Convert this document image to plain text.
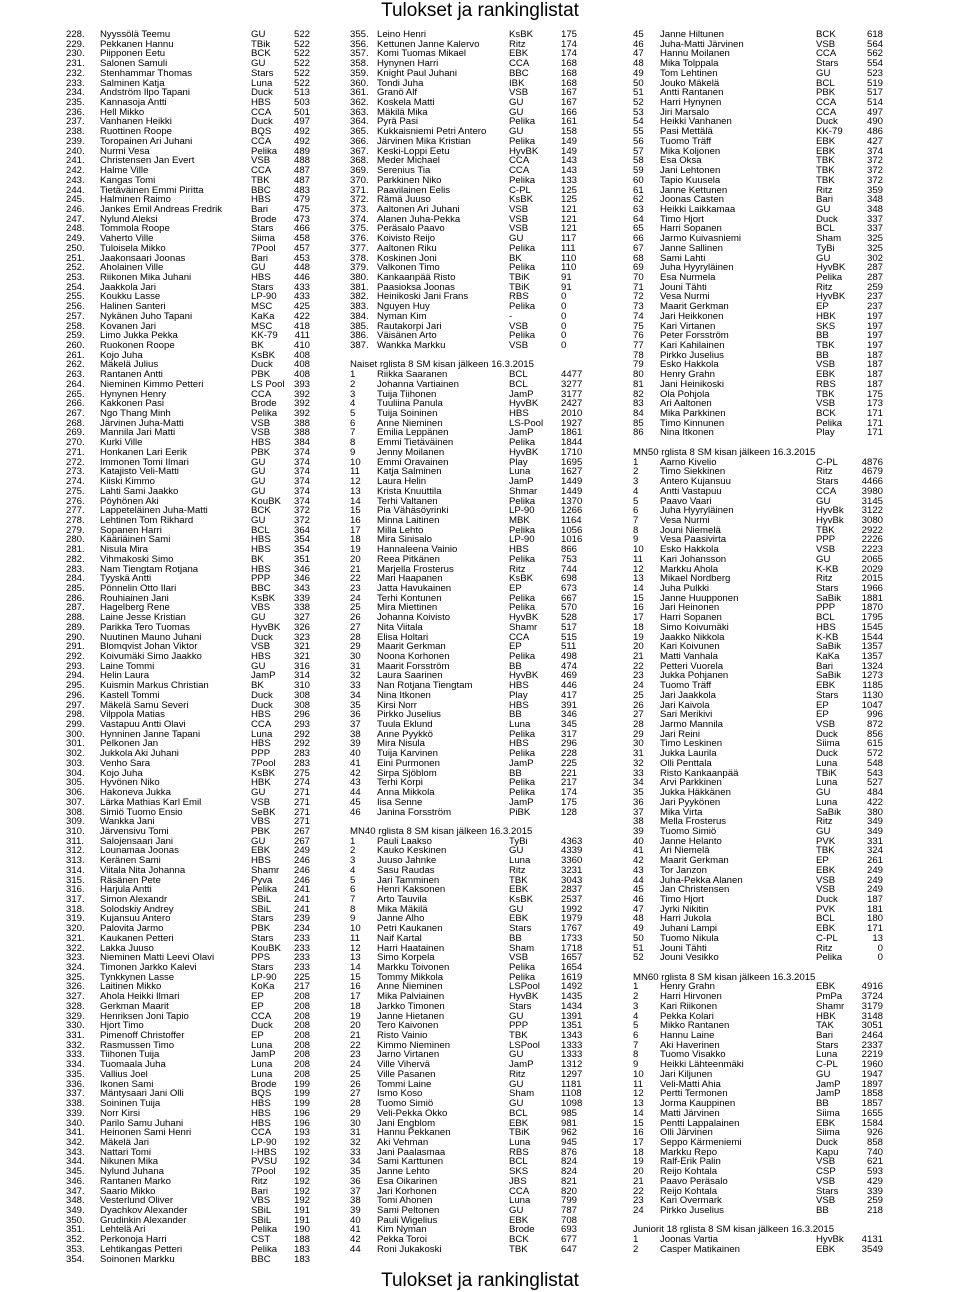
Tulokset ja rankinglistat
228.	Nyyssölä Teemu	GU	522
229.	Pekkanen Hannu	TBik	522
230.	Piipponen Eetu	BCK	522
231.	Salonen Samuli	GU	522
232.	Stenhammar Thomas	Stars	522
233.	Salminen Katja	Luna	522
234.	Andström Ilpo Tapani	Duck	513
235.	Kannasoja Antti	HBS	503
236.	Hell Mikko	CCA	501
237.	Vanhanen Heikki	Duck	497
238.	Ruottinen Roope	BQS	492
239.	Toropainen Ari Juhani	CCA	492
240.	Nurmi Vesa	Pelika	489
241.	Christensen Jan Evert	VSB	488
242.	Halme Ville	CCA	487
243.	Kangas Tomi	TBK	487
244.	Tietäväinen Emmi Piritta	BBC	483
245.	Halminen Raimo	HBS	479
246.	Jankes Emil Andreas Fredrik	Bari	475
247.	Nylund Aleksi	Brode	473
248.	Tommola Roope	Stars	466
249.	Vaherto Ville	Siima	458
250.	Tuloisela Mikko	7Pool	457
251.	Jaakonsaari Joonas	Bari	453
252.	Aholainen Ville	GU	448
253.	Riikonen Mika Juhani	HBS	446
254.	Jaakkola Jari	Stars	433
255.	Koukku Lasse	LP-90	433
256.	Halinen Santeri	MSC	425
257.	Nykänen Juho Tapani	KaKa	422
258.	Kovanen Jari	MSC	418
259.	Limo Jukka Pekka	KK-79	411
260.	Ruokonen Roope	BK	410
261.	Kojo Juha	KsBK	408
262.	Mäkelä Julius	Duck	408
263.	Rantanen Antti	PBK	408
264.	Nieminen Kimmo Petteri	LS Pool 393
265.	Hynynen Henry	CCA	392
266.	Kakkonen Pasi	Brode	392
267.	Ngo Thang Minh	Pelika	392
268.	Järvinen Juha-Matti	VSB	388
269.	Mannila Jari Matti	VSB	388
270.	Kurki Ville	HBS	384
271.	Honkanen Lari Eerik	PBK	374
272.	Immonen Tomi Ilmari	GU	374
273.	Katajisto Veli-Matti	GU	374
274.	Kiiski Kimmo	GU	374
275.	Lahti Sami Jaakko	GU	374
276.	Pöyhönen Aki	KouBK	374
277.	Lappeteläinen Juha-Matti	BCK	372
278.	Lehtinen Tom Rikhard	GU	372
279.	Sopanen Harri	BCL	364
280.	Kääriäinen Sami	HBS	354
281.	Nisula Mira	HBS	354
282.	Vihmakoski Simo	BK	351
283.	Nam Tiengtam Rotjana	HBS	346
284.	Tyyskä Antti	PPP	346
285.	Pönnelin Otto Ilari	BBC	343
286.	Rouhiainen Jani	KsBK	339
287.	Hagelberg Rene	VBS	338
288.	Laine Jesse Kristian	GU	327
289.	Parikka Tero Tuomas	HyvBK	326
290.	Nuutinen Mauno Juhani	Duck	323
291.	Blomqvist Johan Viktor	VSB	321
292.	Koivumäki Simo Jaakko	HBS	321
293.	Laine Tommi	GU	316
294.	Helin Laura	JamP	314
295.	Kuismin Markus Christian	BK	310
296.	Kastell Tommi	Duck	308
297.	Mäkelä Samu Severi	Duck	308
298.	Vilppola Matias	HBS	296
299.	Vastapuu Antti Olavi	CCA	293
300.	Hynninen Janne Tapani	Luna	292
301.	Pelkonen Jan	HBS	292
302.	Jukkola Aki Juhani	PPP	283
303.	Venho Sara	7Pool	283
304.	Kojo Juha	KsBK	275
305.	Hyvönen Niko	HBK	274
306.	Hakoneva Jukka	GU	271
307.	Lärka Mathias Karl Emil	VSB	271
308.	Simiö Tuomo Ensio	SeBK	271
309.	Wankka Jani	VBS	271
310.	Järvensivu Tomi	PBK	267
311.	Salojensaari Jani	GU	267
312.	Lounamaa Joonas	EBK	249
313.	Keränen Sami	HBS	246
314.	Viitala Nita Johanna	Shamr	246
315.	Räsänen Pete	Pyva	246
316.	Harjula Antti	Pelika	241
317.	Simon Alexandr	SBiL	241
318.	Solodskiy Andrey	SBiL	241
319.	Kujansuu Antero	Stars	239
320.	Palovita Jarmo	PBK	234
321.	Kaukanen Petteri	Stars	233
322.	Lakka Juuso	KouBK	233
323.	Nieminen Matti Leevi Olavi	PPS	233
324.	Timonen Jarkko Kalevi	Stars	233
325.	Tynkkynen Lasse	LP-90	225
326.	Laitinen Mikko	KoKa	217
327.	Ahola Heikki Ilmari	EP	208
328.	Gerkman Maarit	EP	208
329.	Henriksen Joni Tapio	CCA	208
330.	Hjort Timo	Duck	208
331.	Pimenoff Christoffer	EP	208
332.	Rasmussen Timo	Luna	208
333.	Tiihonen Tuija	JamP	208
334.	Tuomaala Juha	Luna	208
335.	Vallius Joel	Luna	208
336.	Ikonen Sami	Brode	199
337.	Mäntysaari Jani Olli	BQS	199
338.	Soininen Tuija	HBS	199
339.	Norr Kirsi	HBS	196
340.	Parilo Samu Juhani	HBS	196
341.	Heinonen Sami Henri	CCA	193
342.	Mäkelä Jari	LP-90	192
343.	Nattari Tomi	I-HBS	192
344.	Nikunen Mika	PVSU	192
345.	Nylund Juhana	7Pool	192
346.	Rantanen Marko	Ritz	192
347.	Saario Mikko	Bari	192
348.	Vesterlund Oliver	VBS	192
349.	Dyachkov Alexander	SBiL	191
350.	Grudinkin Alexander	SBiL	191
351.	Lehtelä Ari	Pelika	190
352.	Perkonoja Harri	CST	188
353.	Lehtikangas Petteri	Pelika	183
354.	Soinonen Markku	BBC	183
355. Leino Henri	KsBK	175
356. Kettunen Janne Kalervo	Ritz	174
357. Komi Tuomas Mikael	EBK	174
358. Hynynen Harri	CCA	168
359. Knight Paul Juhani	BBC	168
360. Tondi Juha	IBK	168
361. Granö Alf	VSB	167
362. Koskela Matti	GU	167
363. Mäkilä Mika	GU	166
364. Pyrä Pasi	Pelika	161
365. Kukkaisniemi Petri Antero	GU	158
366. Järvinen Mika Kristian	Pelika	149
367. Keski-Loppi Eetu	HyvBK	149
368. Meder Michael	CCA	143
369. Serenius Tia	CCA	143
370. Parkkinen Niko	Pelika	133
371. Paavilainen Eelis	C-PL	125
372. Rämä Juuso	KsBK	125
373. Aaltonen Ari Juhani	VSB	121
374. Alanen Juha-Pekka	VSB	121
375. Peräsalo Paavo	VSB	121
376. Koivisto Reijo	GU	117
377. Aaltonen Riku	Pelika	111
378. Koskinen Joni	BK	110
379. Valkonen Timo	Pelika	110
380. Kankaanpää Risto	TBiK	91
381. Paasioksa Joonas	TBiK	91
382. Heinikoski Jani Frans	RBS	0
383. Nguyen Huy	Pelika	0
384. Nyman Kim	-	0
385. Rautakorpi Jari	VSB	0
386. Väisänen Arto	Pelika	0
387. Wankka Markku	VSB	0
Naiset rglista 8 SM kisan jälkeen 16.3.2015
1	Riikka Saaranen	BCL	4477
2	Johanna Vartiainen	BCL	3277
3	Tuija Tiihonen	JamP	3177
4	Tuuliina Panula	HyvBK	2427
5	Tuija Soininen	HBS	2010
6	Anne Nieminen	LS-Pool	1927
7	Emilia Leppänen	JamP	1861
8	Emmi Tietäväinen	Pelika	1844
9	Jenny Moilanen	HyvBK	1710
10	Emmi Oravainen	Play	1695
11	Katja Salminen	Luna	1627
12	Laura Helin	JamP	1449
13	Krista Knuuttila	Shmar	1449
14	Terhi Valtanen	Pelika	1370
15	Pia Vähäsöyrinki	LP-90	1266
16	Minna Laitinen	MBK	1164
17	Milla Lehto	Pelika	1056
18	Mira Sinisalo	LP-90	1016
19	Hannaleena Vainio	HBS	866
20	Reea Pitkänen	Pelika	753
21	Marjella Frosterus	Ritz	744
22	Mari Haapanen	KsBK	698
23	Jatta Havukainen	EP	673
24	Terhi Kontunen	Pelika	667
25	Mira Miettinen	Pelika	570
26	Johanna Koivisto	HyvBK	528
27	Nita Viitala	Shamr	517
28	Elisa Holtari	CCA	515
29	Maarit Gerkman	EP	511
30	Noona Korhonen	Pelika	498
31	Maarit Forsström	BB	474
32	Laura Saarinen	HyvBK	469
33	Nan Rotjana Tiengtam	HBS	446
34	Nina Itkonen	Play	417
35	Kirsi Norr	HBS	391
36	Pirkko Juselius	BB	346
37	Tuula Eklund	Luna	345
38	Anne Pyykkö	Pelika	317
39	Mira Nisula	HBS	296
40	Tuija Karvinen	Pelika	228
41	Eini Purmonen	JamP	225
42	Sirpa Sjöblom	BB	221
43	Terhi Korpi	Pelika	217
44	Anna Mikkola	Pelika	174
45	Iisa Senne	JamP	175
46	Janina Forsström	PiBK	128
MN40 rglista 8 SM kisan jälkeen 16.3.2015
1	Pauli Laakso	TyBi	4363
2	Kauko Keskinen	GU	4339
3	Juuso Jahnke	Luna	3360
4	Sasu Raudas	Ritz	3231
5	Jari Tamminen	TBK	3043
6	Henri Kaksonen	EBK	2837
7	Arto Tauvila	KsBK	2537
8	Mika Mäkilä	GU	1992
9	Janne Alho	EBK	1979
10	Petri Kaukanen	Stars	1767
11	Naif Kartal	BB	1733
12	Harri Haatainen	Sham	1718
13	Simo Korpela	VSB	1657
14	Markku Toivonen	Pelika	1654
15	Tommy Mikkola	Pelika	1619
16	Anne Nieminen	LSPool	1492
17	Mika Palviainen	HyvBK	1435
18	Jarkko Timonen	Stars	1434
19	Janne Hietanen	GU	1391
20	Tero Kaivonen	PPP	1351
21	Risto Vainio	TBK	1343
22	Kimmo Nieminen	LSPool	1333
23	Jarno Virtanen	GU	1333
24	Ville Vihervä	JamP	1312
25	Ville Pasanen	Ritz	1297
26	Tommi Laine	GU	1181
27	Ismo Koso	Sham	1108
28	Tuomo Simiö	GU	1098
29	Veli-Pekka Okko	BCL	985
30	Jani Engblom	EBK	981
31	Hannu Pekkanen	TBiK	962
32	Aki Vehman	Luna	945
33	Jani Paalasmaa	RBS	876
34	Sami Karttunen	BCL	824
35	Janne Lehto	SKS	824
36	Esa Oikarinen	JBS	821
37	Jari Korhonen	CCA	820
38	Tomi Ahonen	Luna	799
39	Sami Peltonen	GU	787
40	Pauli Wigelius	EBK	708
41	Kim Nyman	Brode	693
42	Pekka Toroi	BCK	677
44	Roni Jukakoski	TBK	647
45	Janne Hiltunen	BCK	618
46	Juha-Matti Järvinen	VSB	564
47	Hannu Moilanen	CCA	562
48	Mika Tolppala	Stars	554
49	Tom Lehtinen	GU	523
50	Jouko Mäkelä	BCL	519
51	Antti Rantanen	PBK	517
52	Harri Hynynen	CCA	514
53	Jiri Marsalo	CCA	497
54	Heikki Vanhanen	Duck	490
55	Pasi Mettälä	KK-79	486
56	Tuomo Träff	EBK	427
57	Mika Koljonen	EBK	374
58	Esa Oksa	TBK	372
59	Jani Lehtonen	TBK	372
60	Tapio Kuusela	TBK	372
61	Janne Kettunen	Ritz	359
62	Joonas Casten	Bari	348
63	Heikki Laikkamaa	GU	348
64	Timo Hjort	Duck	337
65	Harri Sopanen	BCL	337
66	Jarmo Kuivasniemi	Sham	325
67	Janne Sallinen	TyBi	325
68	Sami Lahti	GU	302
69	Juha Hyyryläinen	HyvBK	287
70	Esa Nurmela	Pelika	287
71	Jouni Tähti	Ritz	259
72	Vesa Nurmi	HyvBK	237
73	Maarit Gerkman	EP	237
74	Jari Heikkonen	HBK	197
75	Kari Virtanen	SKS	197
76	Peter Forsström	BB	197
77	Kari Kahilainen	TBK	197
78	Pirkko Juselius	BB	187
79	Esko Hakkola	VSB	187
80	Henry Grahn	EBK	187
81	Jani Heinikoski	RBS	187
82	Ola Pohjola	TBK	175
83	Ari Aaltonen	VSB	173
84	Mika Parkkinen	BCK	171
85	Timo Kinnunen	Pelika	171
86	Nina Itkonen	Play	171
MN50 rglista 8 SM kisan jälkeen 16.3.2015
1	Aarno Kivelio	C-PL	4876
2	Timo Siekkinen	Ritz	4679
3	Antero Kujansuu	Stars	4466
4	Antti Vastapuu	CCA	3980
5	Paavo Vaari	GU	3145
6	Juha Hyyryläinen	HyvBk	3122
7	Vesa Nurmi	HyvBk	3080
8	Jouni Niemelä	TBK	2922
9	Vesa Paasivirta	PPP	2226
10	Esko Hakkola	VSB	2223
11	Kari Johansson	GU	2065
12	Markku Ahola	K-KB	2029
13	Mikael Nordberg	Ritz	2015
14	Juha Pulkki	Stars	1966
15	Janne Huupponen	SaBik	1881
16	Jari Heinonen	PPP	1870
17	Harri Sopanen	BCL	1795
18	Simo Koivumäki	HBS	1545
19	Jaakko Nikkola	K-KB	1544
20	Kari Koivunen	SaBik	1357
21	Matti Vanhala	KaKa	1357
22	Petteri Vuorela	Bari	1324
23	Jukka Pohjanen	SaBik	1273
24	Tuomo Träff	EBK	1185
25	Jari Jaakkola	Stars	1130
26	Jari Kaivola	EP	1047
27	Sari Merikivi	EP	996
28	Jarmo Mannila	VSB	872
29	Jari Reini	Duck	856
30	Timo Leskinen	Siima	615
31	Jukka Laurila	Duck	572
32	Olli Penttala	Luna	548
33	Risto Kankaanpää	TBiK	543
34	Arvi Parkkinen	Luna	527
35	Jukka Häkkänen	GU	484
36	Jari Pyykönen	Luna	422
37	Mika Virta	SaBik	380
38	Mella Frosterus	Ritz	349
39	Tuomo Simiö	GU	349
40	Janne Helanto	PVK	331
41	Ari Niemelä	TBK	324
42	Maarit Gerkman	EP	261
43	Tor Janzon	EBK	249
44	Juha-Pekka Alanen	VSB	249
45	Jan Christensen	VSB	249
46	Timo Hjort	Duck	187
47	Jyrki Nikitin	PVK	181
48	Harri Jukola	BCL	180
49	Juhani Lampi	EBK	171
50	Tuomo Nikula	C-PL	13
51	Jouni Tähti	Ritz	0
52	Jouni Vesikko	Pelika	0
MN60 rglista 8 SM kisan jälkeen 16.3.2015
1	Henry Grahn	EBK	4916
2	Harri Hirvonen	PmPa	3724
3	Kari Riikonen	Shamr	3179
4	Pekka Kolari	HBK	3148
5	Mikko Rantanen	TAK	3051
6	Hannu Laine	Bari	2464
7	Aki Haverinen	Stars	2337
8	Tuomo Visakko	Luna	2219
9	Heikki Lähteenmäki	C-PL	1960
10	Jari Kiljunen	GU	1947
11	Veli-Matti Ahia	JamP	1897
12	Pertti Termonen	JamP	1858
13	Jorma Kauppinen	BB	1857
14	Matti Järvinen	Siima	1655
15	Pentti Lappalainen	EBK	1584
16	Olli Järvinen	Siima	926
17	Seppo Kärmeniemi	Duck	858
18	Markku Repo	Kapu	740
19	Ralf-Erik Palin	VSB	621
20	Reijo Kohtala	CSP	593
21	Paavo Peräsalo	VSB	429
22	Reijo Kohtala	Stars	339
23	Kari Övermark	VSB	259
24	Pirkko Juselius	BB	218
Juniorit 18 rglista 8 SM kisan jälkeen 16.3.2015
1	Joonas Vartia	HyvBk	4131
2	Casper Matikainen	EBK	3549
Tulokset ja rankinglistat
